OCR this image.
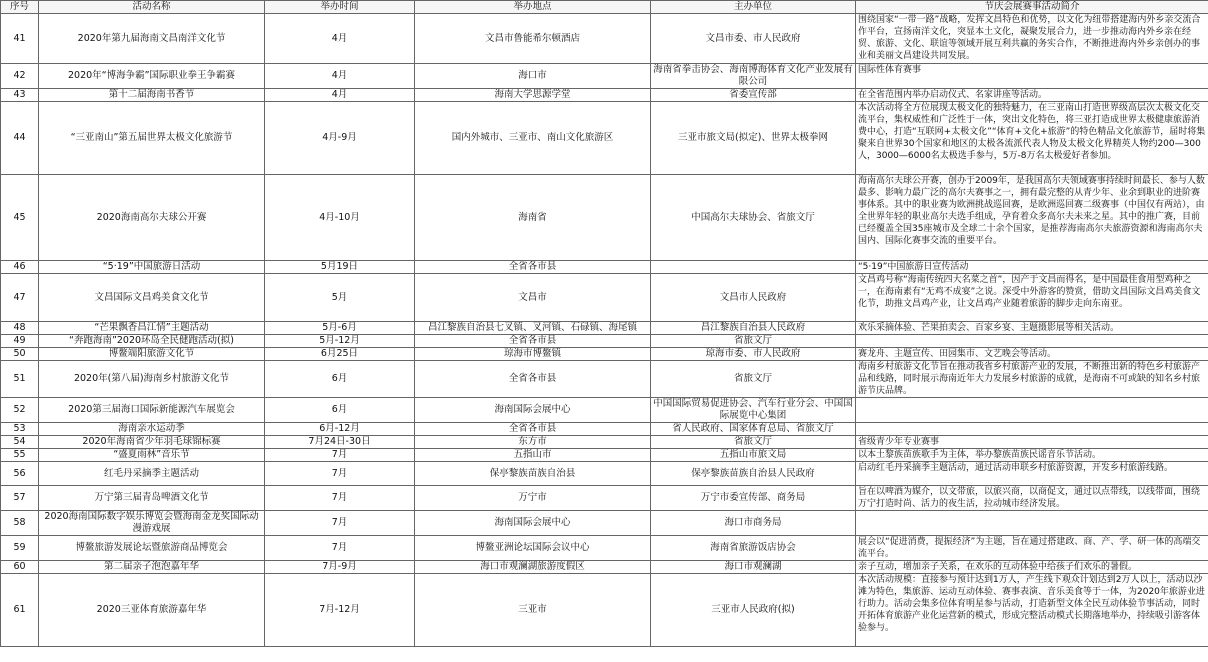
序号	活动名称	举办时间	举办地点	主办单位	节庆会展赛事活动简介
41	2020年第九届海南文昌南洋文化节	4月	文昌市鲁能希尔顿酒店	文昌市委、市人民政府	围绕国家“一带一路”战略，发挥文昌特色和优势，以文化为纽带搭建海内外乡亲交流合作平台，宣扬南洋文化，突显本土文化，凝聚发展合力，进一步推动海内外乡亲在经贸、旅游、文化、联谊等领域开展互利共赢的务实合作，不断推进海内外乡亲创办的事业和美丽文昌建设共同发展。
42	2020年“博海争霸”国际职业拳王争霸赛	4月	海口市	海南省拳击协会、海南博海体育文化产业发展有限公司	国际性体育赛事
43	第十二届海南书香节	4月	海南大学思源学堂	省委宣传部	在全省范围内举办启动仪式、名家讲座等活动。
44	“三亚南山”第五届世界太极文化旅游节	4月-9月	国内外城市、三亚市、南山文化旅游区	三亚市旅文局(拟定)、世界太极拳网	本次活动将全方位展现太极文化的独特魅力，在三亚南山打造世界级高层次太极文化交流平台，集权威性和广泛性于一体，突出文化特色，将三亚打造成世界太极健康旅游消费中心，打造“互联网+太极文化”“体育+文化+旅游”的特色精品文化旅游节，届时将集聚来自世界30个国家和地区的太极各流派代表人物及太极文化界精英人物约200—300人，3000—6000名太极选手参与，5万-8万名太极爱好者参加。
45	2020海南高尔夫球公开赛	4月-10月	海南省	中国高尔夫球协会、省旅文厅	海南高尔夫球公开赛，创办于2009年，是我国高尔夫领域赛事持续时间最长、参与人数最多、影响力最广泛的高尔夫赛事之一，拥有最完整的从青少年、业余到职业的进阶赛事体系。其中的职业赛为欧洲挑战巡回赛，是欧洲巡回赛二级赛事（中国仅有两站），由全世界年轻的职业高尔夫选手组成，孕育着众多高尔夫未来之星。其中的推广赛，目前已经覆盖全国35座城市及全球二十余个国家，是推荐海南高尔夫旅游资源和海南高尔夫国内、国际化赛事交流的重要平台。
46	“5·19”中国旅游日活动	5月19日	全省各市县		“5·19”中国旅游日宣传活动
47	文昌国际文昌鸡美食文化节	5月	文昌市	文昌市人民政府	文昌鸡号称“海南传统四大名菜之首”，因产于文昌而得名，是中国最佳食用型鸡种之一，在海南素有“无鸡不成宴”之说。深受中外游客的赞赏，借助文昌国际文昌鸡美食文化节，助推文昌鸡产业，让文昌鸡产业随着旅游的脚步走向东南亚。
48	“芒果飘香昌江情”主题活动	5月-6月	昌江黎族自治县七叉镇、叉河镇、石碌镇、海尾镇	昌江黎族自治县人民政府	欢乐采摘体验、芒果拍卖会、百家乡宴、主题摄影展等相关活动。
49	“奔跑海南”2020环岛全民健跑活动(拟)	5月-12月	全省各市县	省旅文厅	
50	博鳌端阳旅游文化节	6月25日	琼海市博鳌镇	琼海市委、市人民政府	赛龙舟、主题宣传、田园集市、文艺晚会等活动。
51	2020年(第八届)海南乡村旅游文化节	6月	全省各市县	省旅文厅	海南乡村旅游文化节旨在推动我省乡村旅游产业的发展，不断推出新的特色乡村旅游产品和线路，同时展示海南近年大力发展乡村旅游的成就，是海南不可或缺的知名乡村旅游节庆品牌。
52	2020第三届海口国际新能源汽车展览会	6月	海南国际会展中心	中国国际贸易促进协会、汽车行业分会、中国国际展览中心集团	
53	海南亲水运动季	6月-12月	全省各市县	省人民政府、国家体育总局、省旅文厅	
54	2020年海南省少年羽毛球锦标赛	7月24日-30日	东方市	省旅文厅	省级青少年专业赛事
55	“盛夏雨林”音乐节	7月	五指山市	五指山市旅文局	以本土黎族苗族歌手为主体，举办黎族苗族民谣音乐节活动。
56	红毛丹采摘季主题活动	7月	保亭黎族苗族自治县	保亭黎族苗族自治县人民政府	启动红毛丹采摘季主题活动，通过活动串联乡村旅游资源，开发乡村旅游线路。
57	万宁第三届青岛啤酒文化节	7月	万宁市	万宁市委宣传部、商务局	旨在以啤酒为媒介，以文带旅，以旅兴商，以商促文，通过以点带线，以线带面，围绕万宁打造时尚、活力的夜生活，拉动城市经济发展。
58	2020海南国际数字娱乐博览会暨海南金龙奖国际动漫游戏展	7月	海南国际会展中心	海口市商务局	
59	博鳌旅游发展论坛暨旅游商品博览会	7月	博鳌亚洲论坛国际会议中心	海南省旅游饭店协会	展会以“促进消费，提振经济”为主题，旨在通过搭建政、商、产、学、研一体的高端交流平台。
60	第二届亲子泡泡嘉年华	7月-9月	海口市观澜湖旅游度假区	海口市观澜湖	亲子互动，增加亲子关系，在欢乐的互动体验中给孩子们欢乐的暑假。
61	2020三亚体育旅游嘉年华	7月-12月	三亚市	三亚市人民政府(拟)	本次活动规模：直接参与预计达到1万人，产生线下观众计划达到2万人以上，活动以沙滩为特色，集旅游、运动互动体验、赛事表演、音乐美食等于一体，为2020年旅游业进行助力。活动会集多位体育明星参与活动，打造新型文体全民互动体验节事活动，同时开拓体育旅游产业化运营新的模式，形成完整活动模式长期落地举办，持续吸引游客体验参与。
